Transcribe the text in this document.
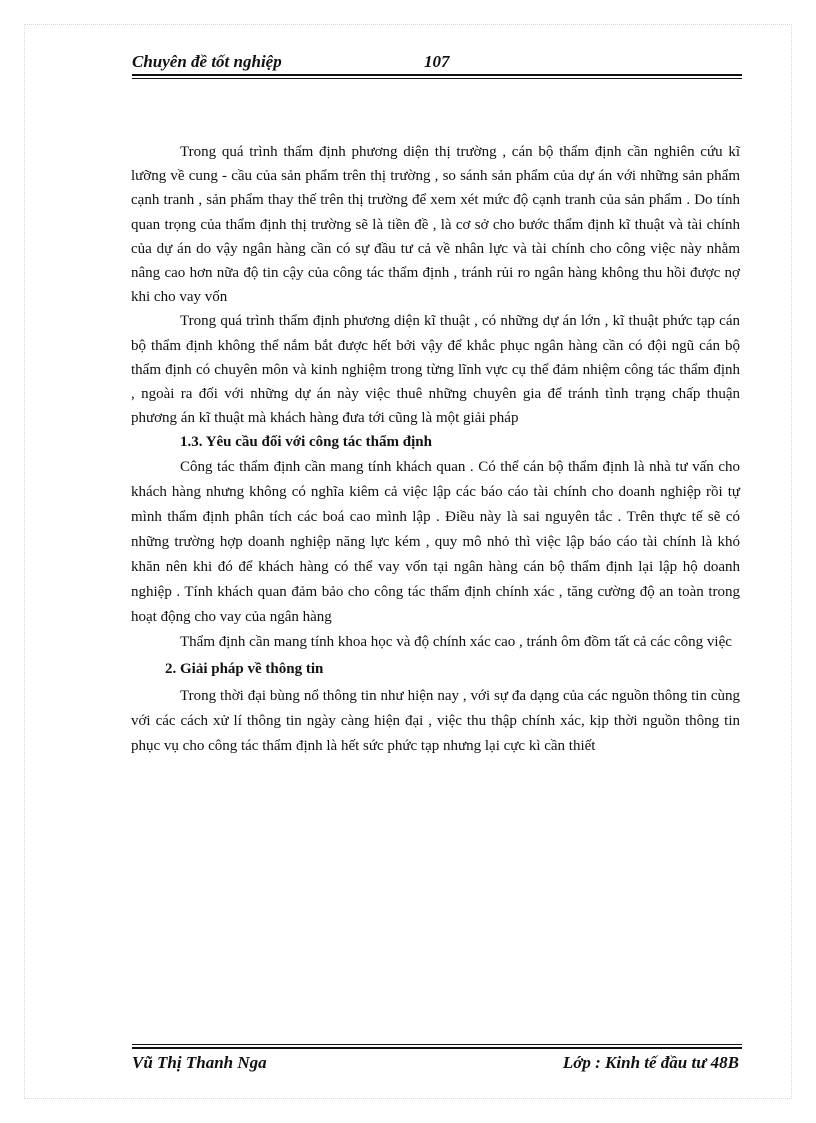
Chuyên đề tốt nghiệp	107

Trong quá trình thẩm định phương diện thị trường , cán bộ thẩm định cần nghiên cứu kĩ lưỡng về cung - cầu của sản phẩm trên thị trường , so sánh sản phẩm của dự án với những sản phẩm cạnh tranh , sản phẩm thay thế trên thị trường để xem xét mức độ cạnh tranh của sản phẩm . Do tính quan trọng của thẩm định thị trường sẽ là tiền đề , là cơ sở cho bước thẩm định kĩ thuật và tài chính của dự án do vậy ngân hàng cần có sự đầu tư cả về nhân lực và tài chính cho công việc này nhằm nâng cao hơn nữa độ tin cậy của công tác thẩm định , tránh rủi ro ngân hàng không thu hồi được nợ khi cho vay vốn

Trong quá trình thẩm định phương diện kĩ thuật , có những dự án lớn , kĩ thuật phức tạp cán bộ thẩm định không thể nắm bắt được hết bởi vậy để khắc phục ngân hàng cần có đội ngũ cán bộ thẩm định có chuyên môn và kinh nghiệm trong từng lĩnh vực cụ thể đảm nhiệm công tác thẩm định , ngoài ra đối với những dự án này việc thuê những chuyên gia để tránh tình trạng chấp thuận phương án kĩ thuật mà khách hàng đưa tới cũng là một giải pháp

1.3. Yêu cầu đối với công tác thẩm định

Công tác thẩm định cần mang tính khách quan . Có thể cán bộ thẩm định là nhà tư vấn cho khách hàng nhưng không có nghĩa kiêm cả việc lập các báo cáo tài chính cho doanh nghiệp rồi tự mình thẩm định phân tích các boá cao mình lập . Điều này là sai nguyên tắc . Trên thực tế sẽ có những trường hợp doanh nghiệp năng lực kém , quy mô nhỏ thì việc lập báo cáo tài chính là khó khăn nên khi đó để khách hàng có thể vay vốn tại ngân hàng cán bộ thẩm định lại lập hộ doanh nghiệp . Tính khách quan đảm bảo cho công tác thẩm định chính xác , tăng cường độ an toàn trong hoạt động cho vay của ngân hàng

Thẩm định cần mang tính khoa học và độ chính xác cao , tránh ôm đồm tất cả các công việc

2. Giải pháp về thông tin

Trong thời đại bùng nổ thông tin như hiện nay , với sự đa dạng của các nguồn thông tin cùng với các cách xử lí thông tin ngày càng hiện đại , việc thu thập chính xác, kịp thời nguồn thông tin phục vụ cho công tác thẩm định là hết sức phức tạp nhưng lại cực kì cần thiết

Vũ Thị Thanh Nga	Lớp : Kinh tế đầu tư 48B
